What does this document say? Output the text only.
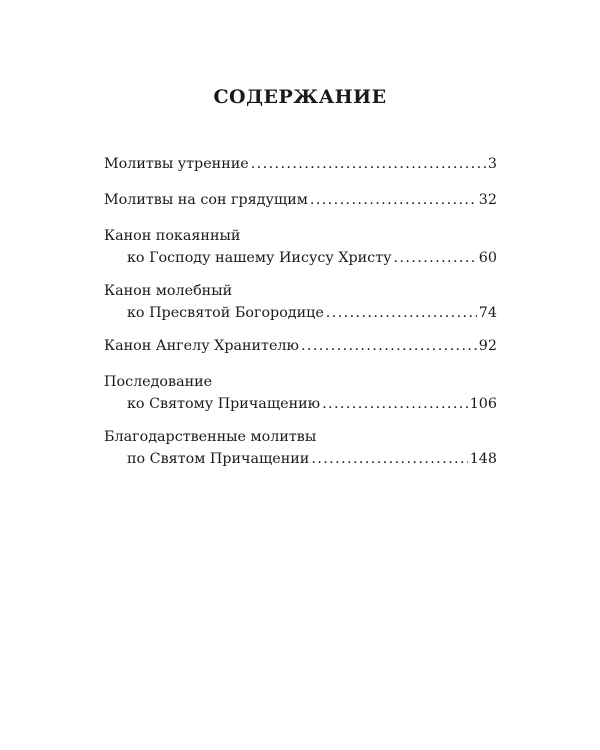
СОДЕРЖАНИЕ
Молитвы утренние .....	3
Молитвы на сон грядущим .....	32
Канон покаянный
ко Господу нашему Иисусу Христу .....	60
Канон молебный
ко Пресвятой Богородице .....	74
Канон Ангелу Хранителю .....	92
Последование
ко Святому Причащению .....	106
Благодарственные молитвы
по Святом Причащении .....	148
